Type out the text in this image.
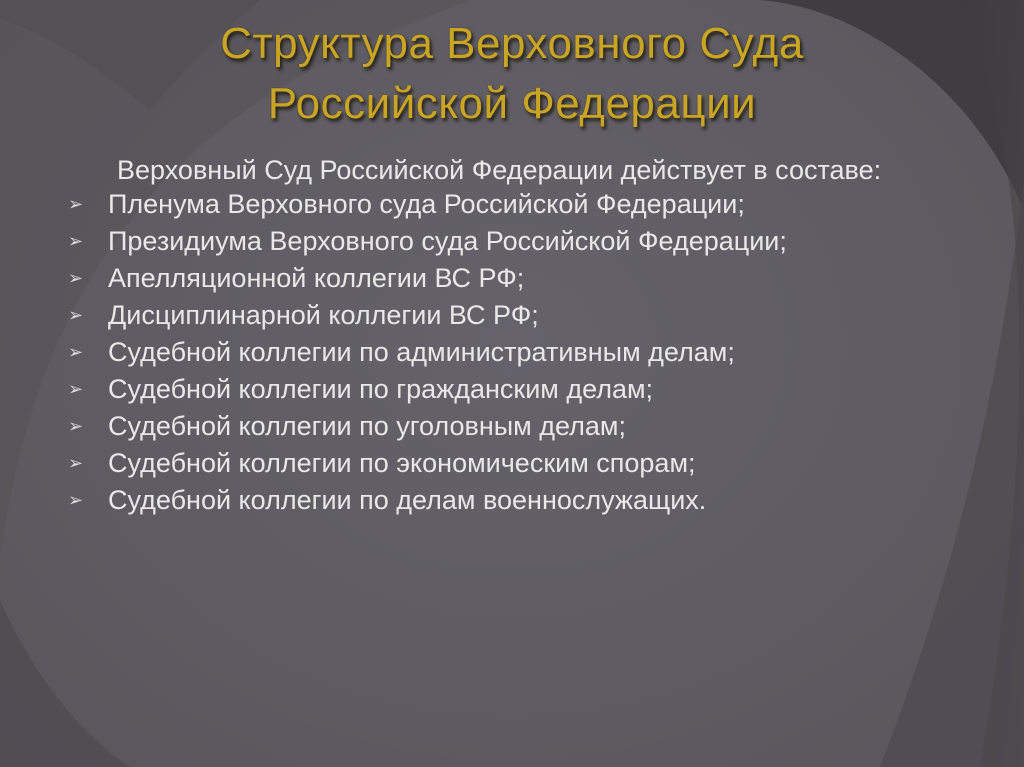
Структура Верховного Суда
Российской Федерации
Верховный Суд Российской Федерации действует в составе:
➢ Пленума Верховного суда Российской Федерации;
➢ Президиума Верховного суда Российской Федерации;
➢ Апелляционной коллегии ВС РФ;
➢ Дисциплинарной коллегии ВС РФ;
➢ Судебной коллегии по административным делам;
➢ Судебной коллегии по гражданским делам;
➢ Судебной коллегии по уголовным делам;
➢ Судебной коллегии по экономическим спорам;
➢ Судебной коллегии по делам военнослужащих.
